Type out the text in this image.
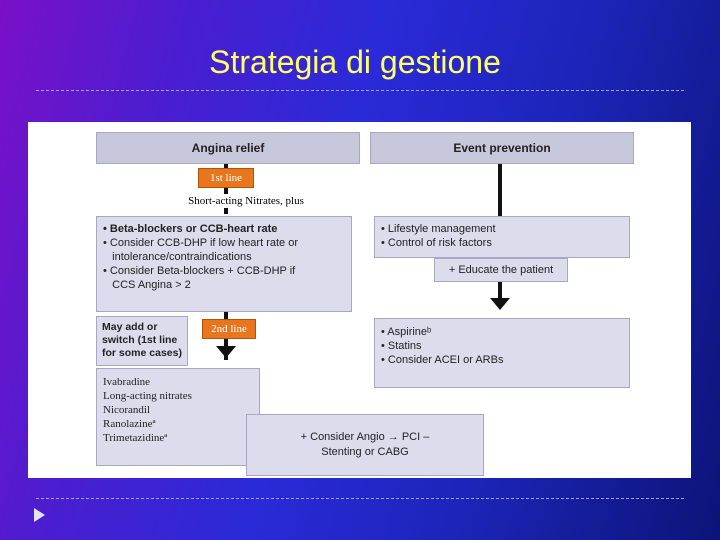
Strategia di gestione
Angina relief	Event prevention
1st line
Short-acting Nitrates, plus
• Beta-blockers or CCB-heart rate
• Consider CCB-DHP if low heart rate or
intolerance/contraindications
• Consider Beta-blockers + CCB-DHP if
CCS Angina > 2
May add or
switch (1st line
for some cases)
2nd line
Ivabradine
Long-acting nitrates
Nicorandil
Ranolazineª
Trimetazidineª
• Lifestyle management
• Control of risk factors
+ Educate the patient
• Aspirineᵇ
• Statins
• Consider ACEI or ARBs
+ Consider Angio → PCI –
Stenting or CABG
